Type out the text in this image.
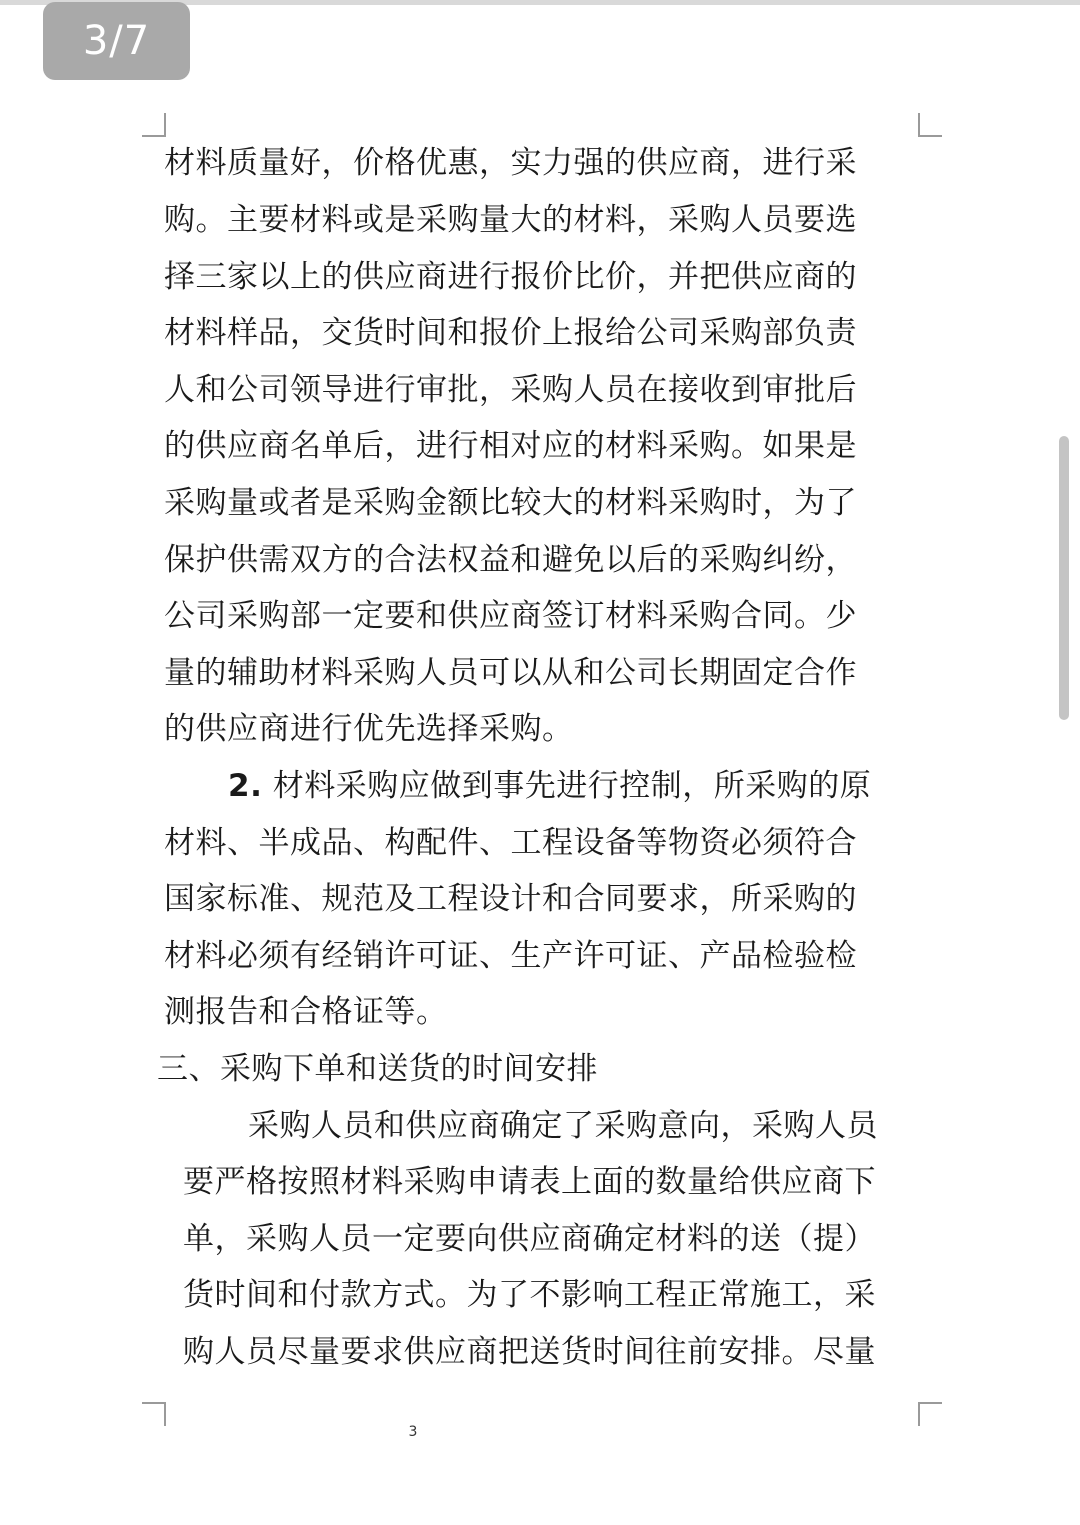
3/7
材料质量好，价格优惠，实力强的供应商，进行采
购。主要材料或是采购量大的材料，采购人员要选
择三家以上的供应商进行报价比价，并把供应商的
材料样品，交货时间和报价上报给公司采购部负责
人和公司领导进行审批，采购人员在接收到审批后
的供应商名单后，进行相对应的材料采购。如果是
采购量或者是采购金额比较大的材料采购时，为了
保护供需双方的合法权益和避免以后的采购纠纷，
公司采购部一定要和供应商签订材料采购合同。少
量的辅助材料采购人员可以从和公司长期固定合作
的供应商进行优先选择采购。
2. 材料采购应做到事先进行控制，所采购的原
材料、半成品、构配件、工程设备等物资必须符合
国家标准、规范及工程设计和合同要求，所采购的
材料必须有经销许可证、生产许可证、产品检验检
测报告和合格证等。
三、采购下单和送货的时间安排
采购人员和供应商确定了采购意向，采购人员
要严格按照材料采购申请表上面的数量给供应商下
单，采购人员一定要向供应商确定材料的送（提）
货时间和付款方式。为了不影响工程正常施工，采
购人员尽量要求供应商把送货时间往前安排。尽量
3
